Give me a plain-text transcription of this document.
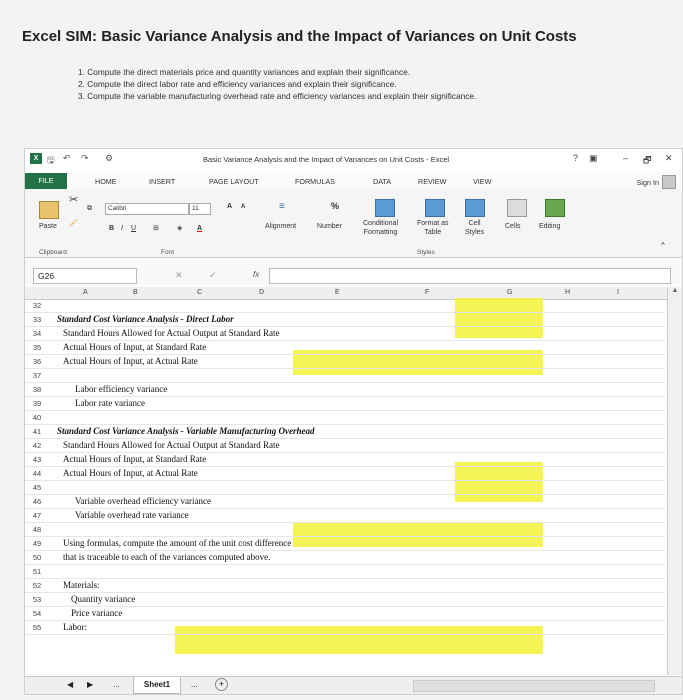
Excel SIM: Basic Variance Analysis and the Impact of Variances on Unit Costs
1. Compute the direct materials price and quantity variances and explain their significance.
2. Compute the direct labor rate and efficiency variances and explain their significance.
3. Compute the variable manufacturing overhead rate and efficiency variances and explain their significance.
X 🖫 ↶ ↷ ⚙	Basic Variance Analysis and the Impact of Variances on Unit Costs - Excel	? ▣	– 🗗 ✕
FILE	HOME	INSERT	PAGE LAYOUT	FORMULAS	DATA	REVIEW	VIEW	Sign In
✂
⧉
🖌
Paste
Clipboard
Calibri	11	A A
B I U ⊞	◈ A
Font
≡
Alignment
%
Number	Conditional
Formatting
Format as
Table
Cell
Styles
Styles
Cells	Editing
^
G26	✕	✓	fx
A	B	C	D	E	F	G	H	I
32
33	Standard Cost Variance Analysis - Direct Labor
34	Standard Hours Allowed for Actual Output at Standard Rate
35	Actual Hours of Input, at Standard Rate
36	Actual Hours of Input, at Actual Rate
37
38	Labor efficiency variance
39	Labor rate variance
40
41	Standard Cost Variance Analysis - Variable Manufacturing Overhead
42	Standard Hours Allowed for Actual Output at Standard Rate
43	Actual Hours of Input, at Standard Rate
44	Actual Hours of Input, at Actual Rate
45
46	Variable overhead efficiency variance
47	Variable overhead rate variance
48
49	Using formulas, compute the amount of the unit cost difference
50	that is traceable to each of the variances computed above.
51
52	Materials:
53	Quantity variance
54	Price variance
55	Labor:
▲
◀ ▶ ...	Sheet1	...	+
